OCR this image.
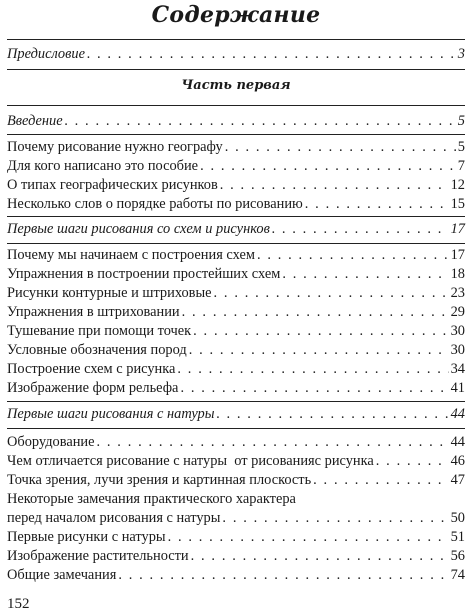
Содержание
Предисловие . . .	3
Часть первая
Введение . . .	5
Почему рисование нужно географу . . .	5
Для кого написано это пособие . . .	7
О типах географических рисунков . . .	12
Несколько слов о порядке работы по рисованию . . .	15
Первые шаги рисования со схем и рисунков . . .	17
Почему мы начинаем с построения схем . . .	17
Упражнения в построении простейших схем . . .	18
Рисунки контурные и штриховые . . .	23
Упражнения в штриховании . . .	29
Тушевание при помощи точек . . .	30
Условные обозначения пород . . .	30
Построение схем с рисунка . . .	34
Изображение форм рельефа . . .	41
Первые шаги рисования с натуры . . .	44
Оборудование . . .	44
Чем отличается рисование с натуры  от рисованияс рисунка . . .	46
Точка зрения, лучи зрения и картинная плоскость . . .	47
Некоторые замечания практического характера
перед началом рисования с натуры . . .	50
Первые рисунки с натуры . . .	51
Изображение растительности . . .	56
Общие замечания . . .	74
152
